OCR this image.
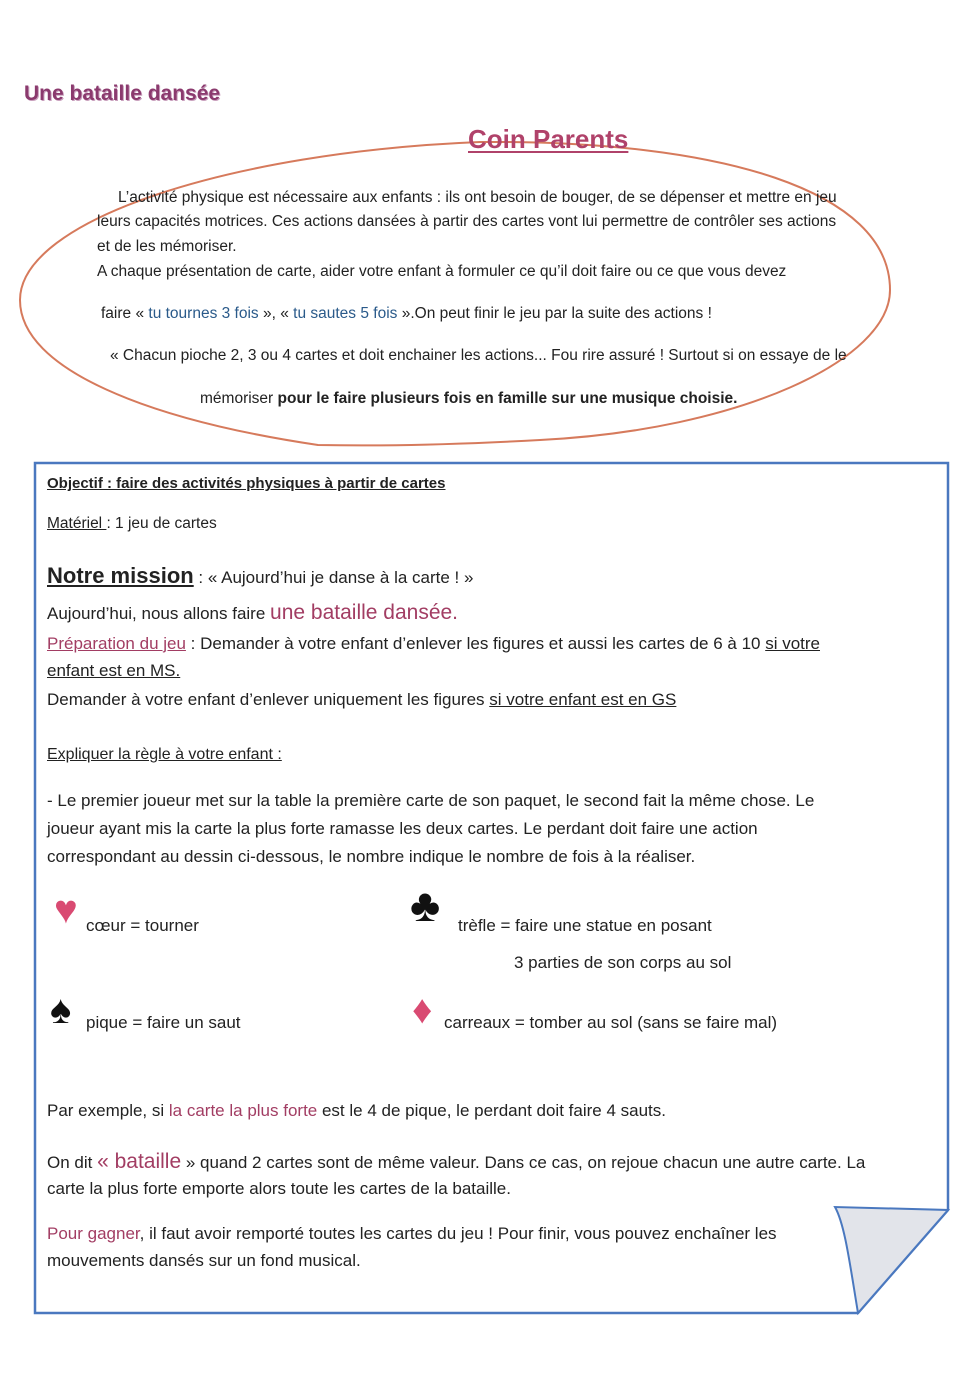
Une bataille dansée
Coin Parents
L’activité physique est nécessaire aux enfants : ils ont besoin de bouger, de se dépenser et mettre en jeu
leurs capacités motrices. Ces actions dansées à partir des cartes vont lui permettre de contrôler ses actions
et de les mémoriser.
A chaque présentation de carte, aider votre enfant à formuler ce qu’il doit faire ou ce que vous devez
faire « tu tournes 3 fois », « tu sautes 5 fois ».On peut finir le jeu par la suite des actions !
« Chacun pioche 2, 3 ou 4 cartes et doit enchainer les actions... Fou rire assuré ! Surtout si on essaye de le
mémoriser pour le faire plusieurs fois en famille sur une musique choisie.
Objectif : faire des activités physiques à partir de cartes
Matériel : 1 jeu de cartes
Notre mission : « Aujourd’hui je danse à la carte ! »
Aujourd’hui, nous allons faire une bataille dansée.
Préparation du jeu : Demander à votre enfant d’enlever les figures et aussi les cartes de 6 à 10 si votre
enfant est en MS.
Demander à votre enfant d’enlever uniquement les figures si votre enfant est en GS
Expliquer la règle à votre enfant :
- Le premier joueur met sur la table la première carte de son paquet, le second fait la même chose. Le
joueur ayant mis la carte la plus forte ramasse les deux cartes. Le perdant doit faire une action
correspondant au dessin ci-dessous, le nombre indique le nombre de fois à la réaliser.
♥ cœur = tourner	♣ trèfle = faire une statue en posant
3 parties de son corps au sol
♠ pique = faire un saut	♦ carreaux = tomber au sol (sans se faire mal)
Par exemple, si la carte la plus forte est le 4 de pique, le perdant doit faire 4 sauts.
On dit « bataille » quand 2 cartes sont de même valeur. Dans ce cas, on rejoue chacun une autre carte. La
carte la plus forte emporte alors toute les cartes de la bataille.
Pour gagner, il faut avoir remporté toutes les cartes du jeu ! Pour finir, vous pouvez enchaîner les
mouvements dansés sur un fond musical.
